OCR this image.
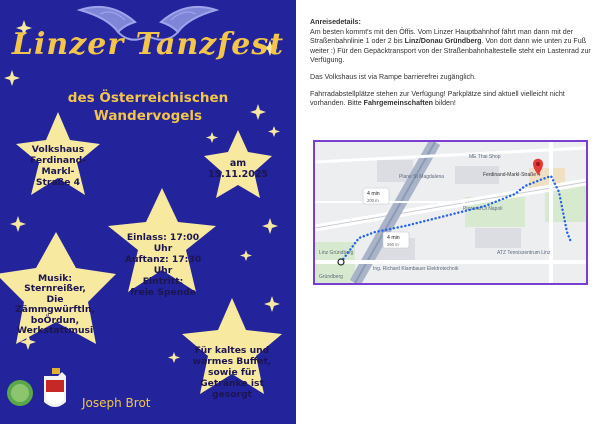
Linzer Tanzfest
des Österreichischen
Wandervogels
Volkshaus
Ferdinand-
Markl-
Straße 4
am
15.11.2025
Einlass: 17:00 Uhr
Auftanz: 17:30 Uhr
Eintritt:
freie Spende
Musik:
Sternreißer,
Die
Zämmgwürftln,
boÖrdun,
Werkstattmusi
Für kaltes und
warmes Buffet,
sowie für
Getränke ist
gesorgt
Joseph Brot

Anreisedetails:
Am besten kommt's mit den Öffis. Vom Linzer Hauptbahnhof fährt man dann mit der Straßenbahnlinie 1 oder 2 bis Linz/Donau Gründberg. Von dort dann wie unten zu Fuß weiter :) Für den Gepäcktransport von der Straßenbahnhaltestelle steht ein Lastenrad zur Verfügung.

Das Volkshaus ist via Rampe barrierefrei zugänglich.

Fahrradabstellplätze stehen zur Verfügung! Parkplätze sind aktuell vielleicht nicht vorhanden. Bitte Fahrgemeinschaften bilden!

ME Thai Shop
Plane St Magdalena
Pizzeria Di Napoli
ATZ Tenniszentrum Linz
Ing. Richard Klambauer Elektrotechnik
Linz Gründberg
Gründberg
Ferdinand-Markl-Straße 4
4 min
200 m
4 min
260 m
